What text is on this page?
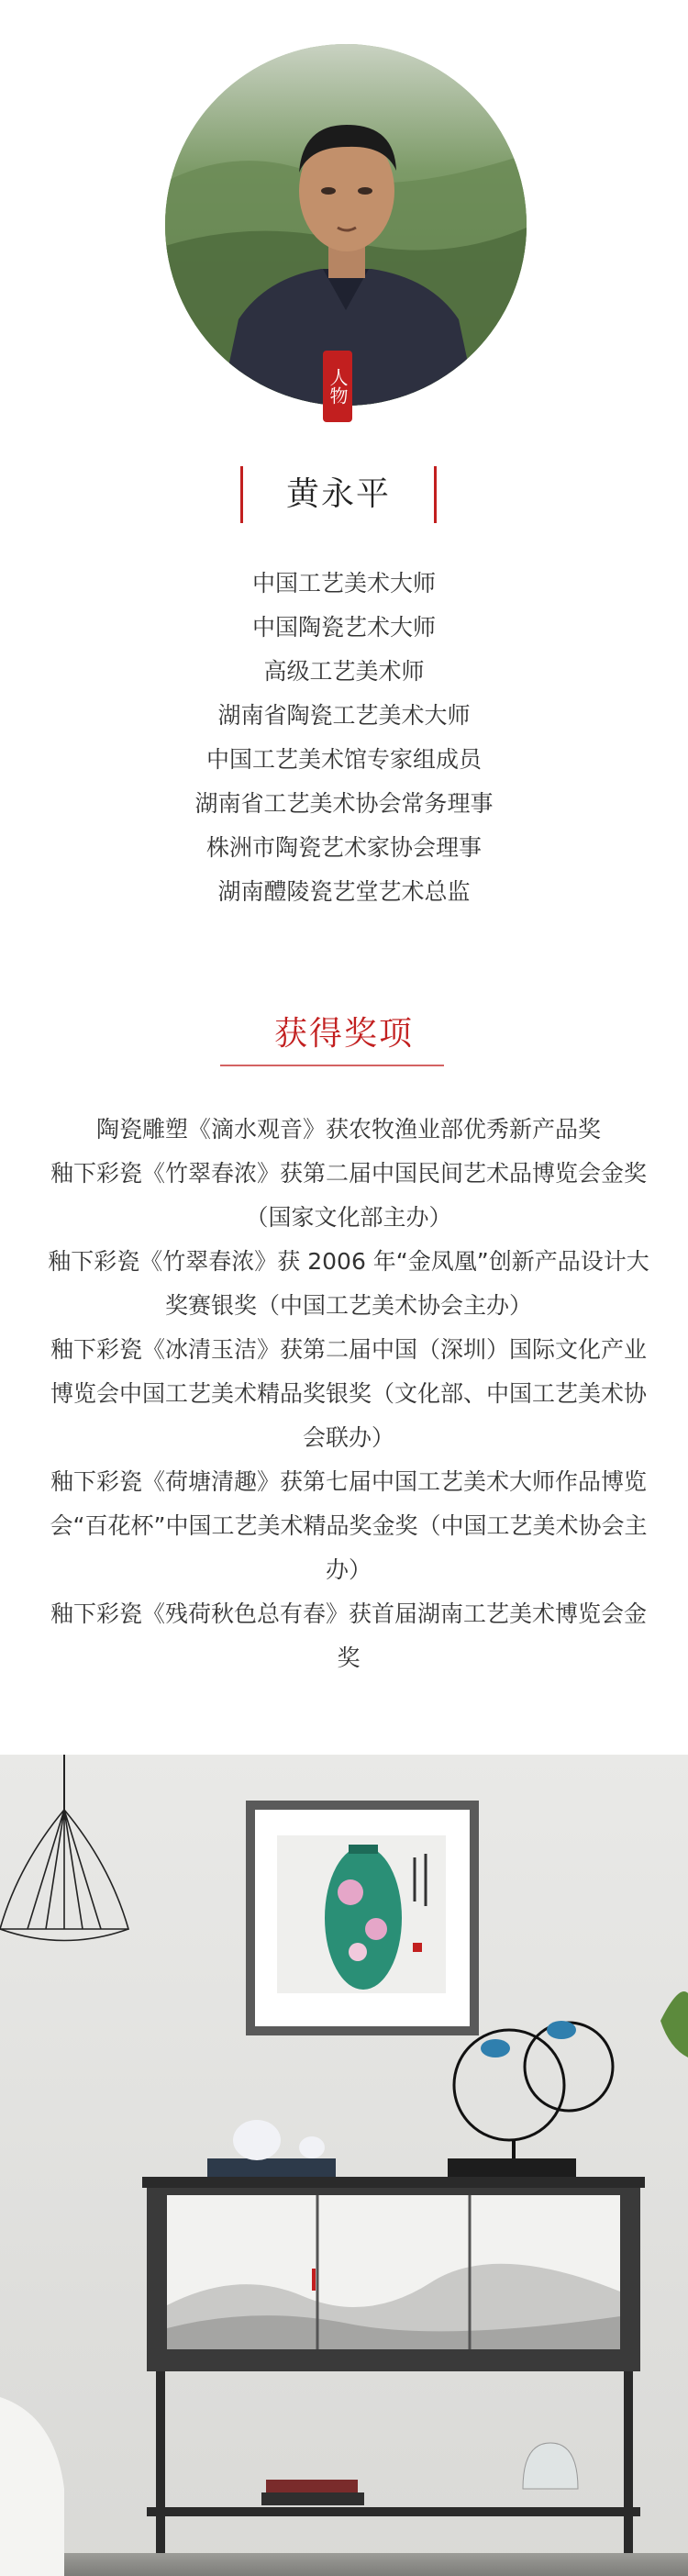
人物
黄永平
中国工艺美术大师
中国陶瓷艺术大师
高级工艺美术师
湖南省陶瓷工艺美术大师
中国工艺美术馆专家组成员
湖南省工艺美术协会常务理事
株洲市陶瓷艺术家协会理事
湖南醴陵瓷艺堂艺术总监
获得奖项
陶瓷雕塑《滴水观音》获农牧渔业部优秀新产品奖
釉下彩瓷《竹翠春浓》获第二届中国民间艺术品博览会金奖（国家文化部主办）
釉下彩瓷《竹翠春浓》获 2006 年“金凤凰”创新产品设计大奖赛银奖（中国工艺美术协会主办）
釉下彩瓷《冰清玉洁》获第二届中国（深圳）国际文化产业博览会中国工艺美术精品奖银奖（文化部、中国工艺美术协会联办）
釉下彩瓷《荷塘清趣》获第七届中国工艺美术大师作品博览会“百花杯”中国工艺美术精品奖金奖（中国工艺美术协会主办）
釉下彩瓷《残荷秋色总有春》获首届湖南工艺美术博览会金奖
